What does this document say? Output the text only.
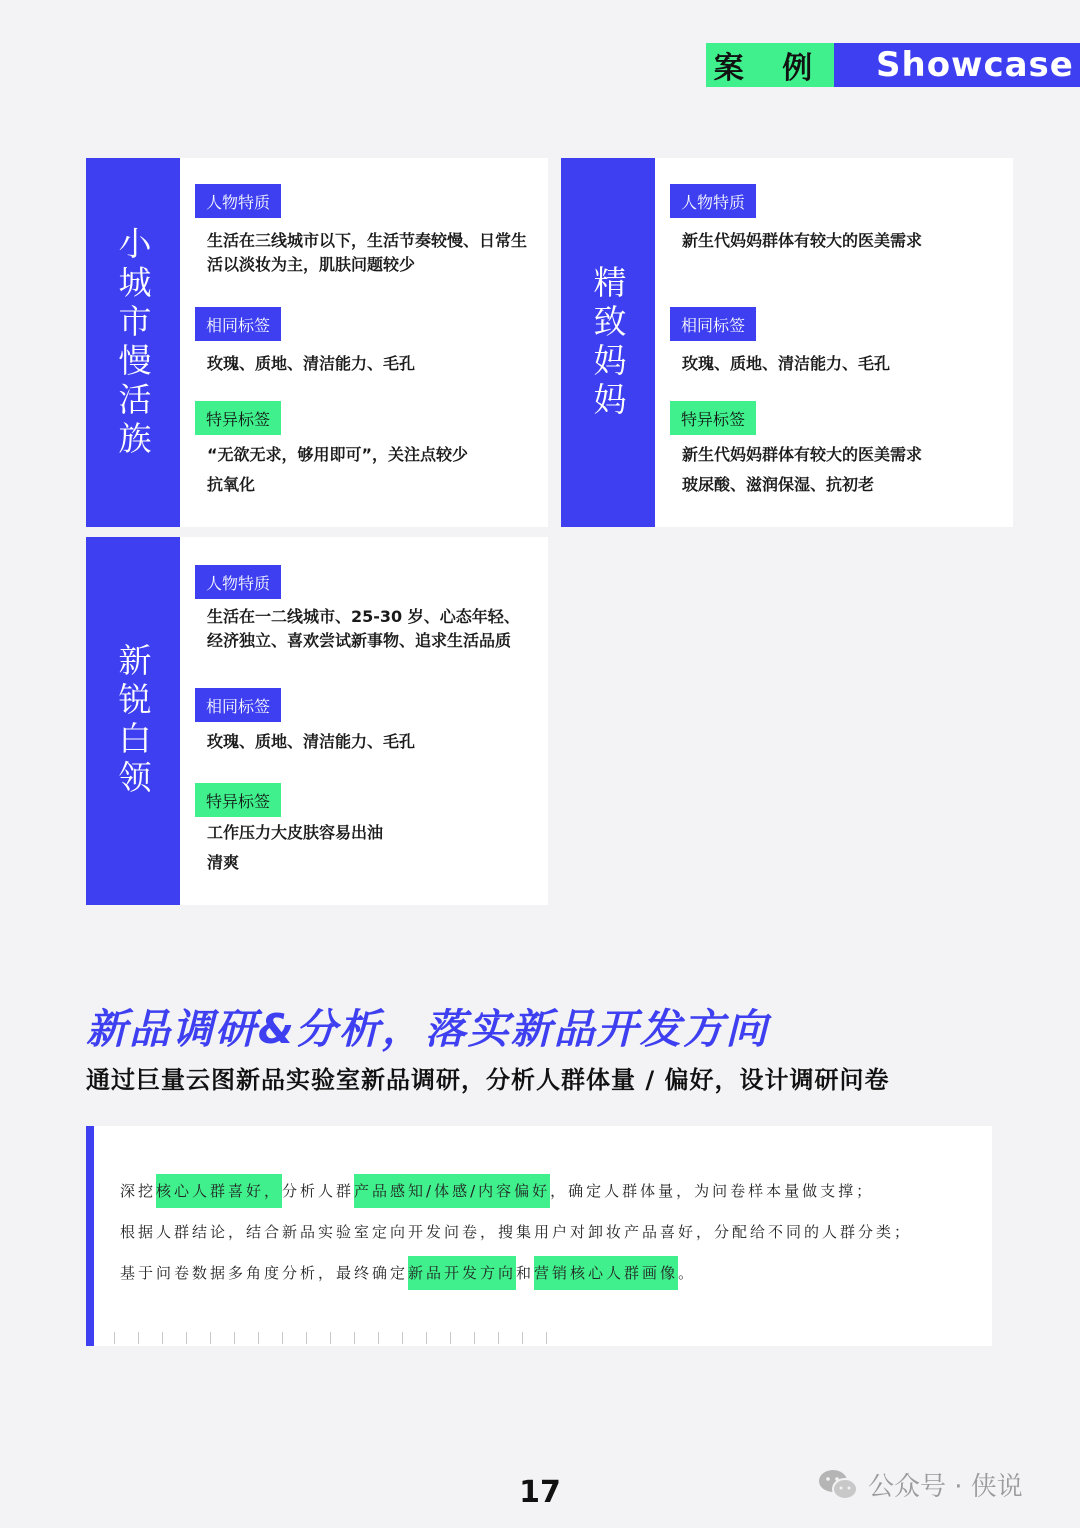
案 例	Showcase
小城市慢活族
人物特质
生活在三线城市以下，生活节奏较慢、日常生活以淡妆为主，肌肤问题较少
相同标签
玫瑰、质地、清洁能力、毛孔
特异标签
“无欲无求，够用即可”，关注点较少
抗氧化
精致妈妈
人物特质
新生代妈妈群体有较大的医美需求
相同标签
玫瑰、质地、清洁能力、毛孔
特异标签
新生代妈妈群体有较大的医美需求
玻尿酸、滋润保湿、抗初老
新锐白领
人物特质
生活在一二线城市、25-30 岁、心态年轻、经济独立、喜欢尝试新事物、追求生活品质
相同标签
玫瑰、质地、清洁能力、毛孔
特异标签
工作压力大皮肤容易出油
清爽
新品调研&分析，落实新品开发方向
通过巨量云图新品实验室新品调研，分析人群体量 / 偏好，设计调研问卷
深挖核心人群喜好，分析人群产品感知/体感/内容偏好，确定人群体量，为问卷样本量做支撑；
根据人群结论，结合新品实验室定向开发问卷，搜集用户对卸妆产品喜好，分配给不同的人群分类；
基于问卷数据多角度分析，最终确定新品开发方向和营销核心人群画像。
17	公众号 · 侠说
